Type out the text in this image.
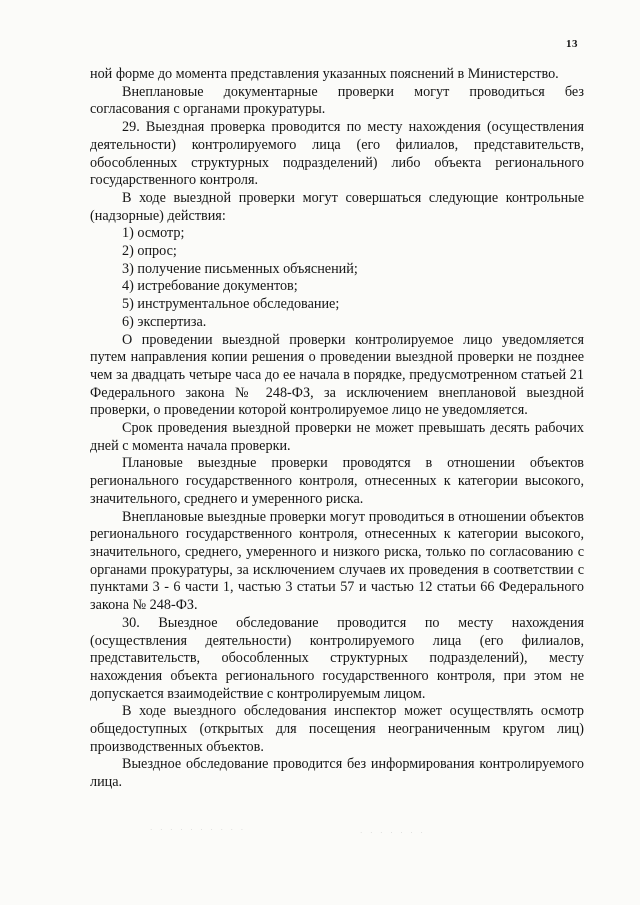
13

ной форме до момента представления указанных пояснений в Министерство.

Внеплановые документарные проверки могут проводиться без согласования с органами прокуратуры.

29. Выездная проверка проводится по месту нахождения (осуществления деятельности) контролируемого лица (его филиалов, представительств, обособленных структурных подразделений) либо объекта регионального государственного контроля.

В ходе выездной проверки могут совершаться следующие контрольные (надзорные) действия:

1) осмотр;

2) опрос;

3) получение письменных объяснений;

4) истребование документов;

5) инструментальное обследование;

6) экспертиза.

О проведении выездной проверки контролируемое лицо уведомляется путем направления копии решения о проведении выездной проверки не позднее чем за двадцать четыре часа до ее начала в порядке, предусмотренном статьей 21 Федерального закона № 248-ФЗ, за исключением внеплановой выездной проверки, о проведении которой контролируемое лицо не уведомляется.

Срок проведения выездной проверки не может превышать десять рабочих дней с момента начала проверки.

Плановые выездные проверки проводятся в отношении объектов регионального государственного контроля, отнесенных к категории высокого, значительного, среднего и умеренного риска.

Внеплановые выездные проверки могут проводиться в отношении объектов регионального государственного контроля, отнесенных к категории высокого, значительного, среднего, умеренного и низкого риска, только по согласованию с органами прокуратуры, за исключением случаев их проведения в соответствии с пунктами 3 - 6 части 1, частью 3 статьи 57 и частью 12 статьи 66 Федерального закона № 248-ФЗ.

30. Выездное обследование проводится по месту нахождения (осуществления деятельности) контролируемого лица (его филиалов, представительств, обособленных структурных подразделений), месту нахождения объекта регионального государственного контроля, при этом не допускается взаимодействие с контролируемым лицом.

В ходе выездного обследования инспектор может осуществлять осмотр общедоступных (открытых для посещения неограниченным кругом лиц) производственных объектов.

Выездное обследование проводится без информирования контролируемого лица.

· · · · · · · · · ·	· · · · · · ·
